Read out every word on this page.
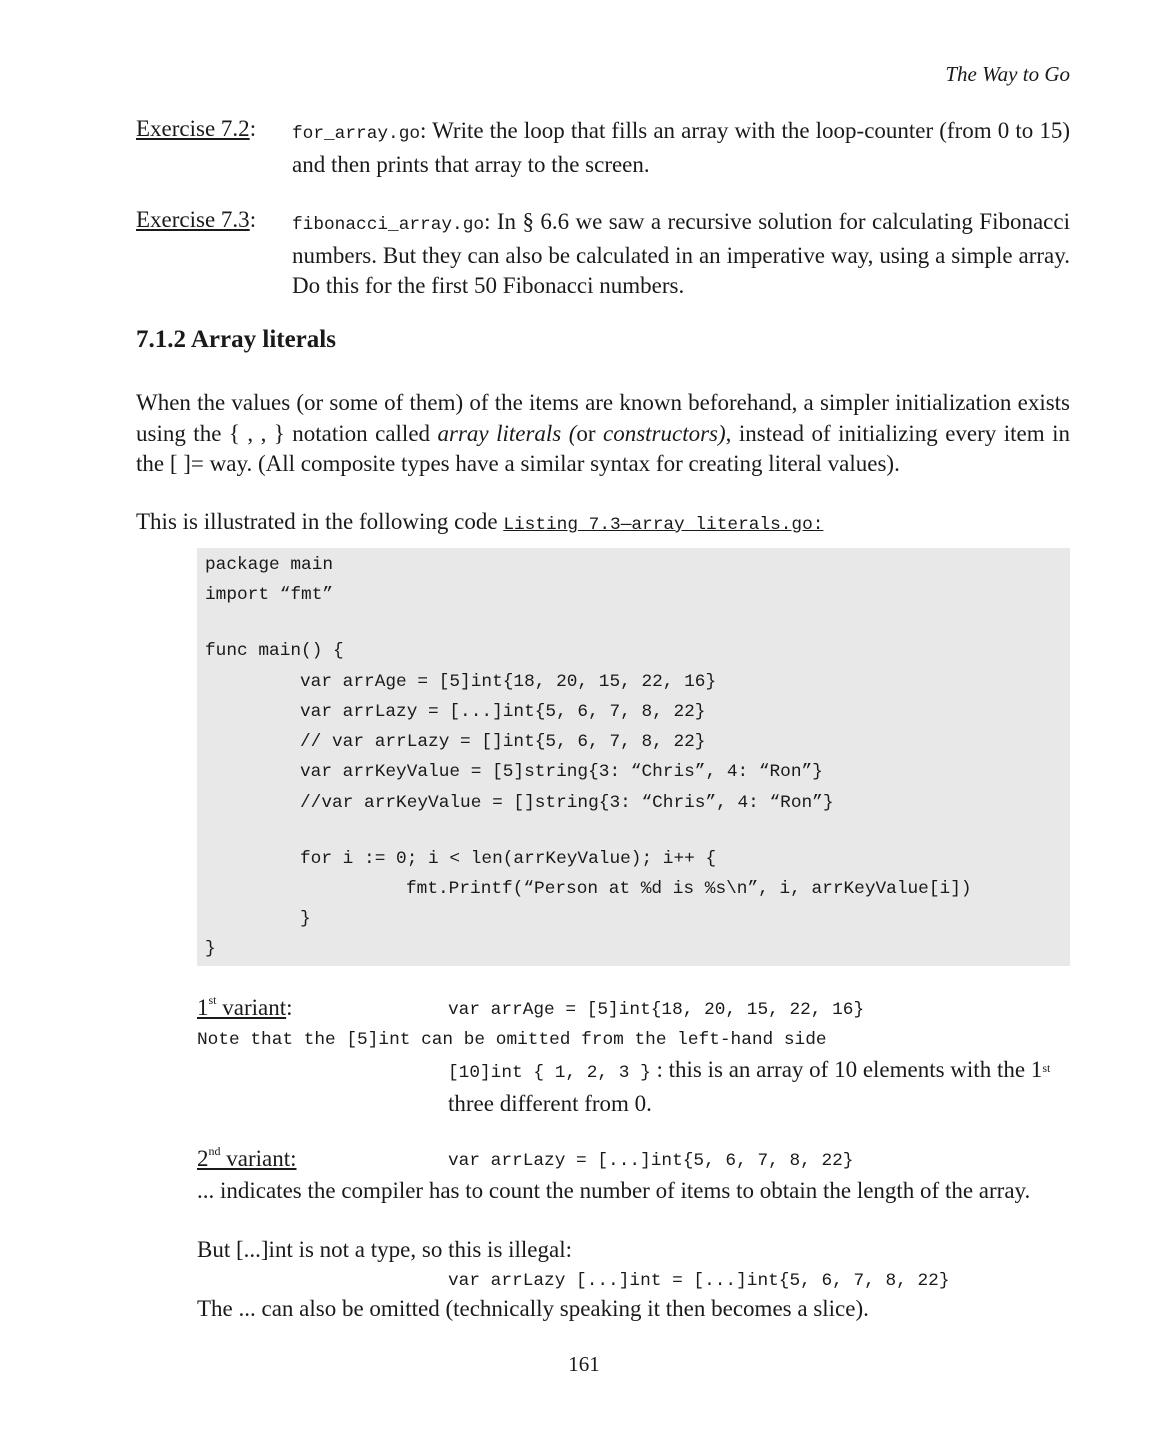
The Way to Go
Exercise 7.2: for_array.go: Write the loop that fills an array with the loop-counter (from 0 to 15) and then prints that array to the screen.
Exercise 7.3: fibonacci_array.go: In § 6.6 we saw a recursive solution for calculating Fibonacci numbers. But they can also be calculated in an imperative way, using a simple array. Do this for the first 50 Fibonacci numbers.
7.1.2 Array literals
When the values (or some of them) of the items are known beforehand, a simpler initialization exists using the { , , } notation called array literals (or constructors), instead of initializing every item in the [ ]= way. (All composite types have a similar syntax for creating literal values).
This is illustrated in the following code Listing 7.3—array_literals.go:
package main
import “fmt”
func main() {
var arrAge = [5]int{18, 20, 15, 22, 16}
var arrLazy = [...]int{5, 6, 7, 8, 22}
// var arrLazy = []int{5, 6, 7, 8, 22}
var arrKeyValue = [5]string{3: “Chris”, 4: “Ron”}
//var arrKeyValue = []string{3: “Chris”, 4: “Ron”}
for i := 0; i < len(arrKeyValue); i++ {
fmt.Printf(“Person at %d is %s\n”, i, arrKeyValue[i])
}
}
1st variant:	var arrAge = [5]int{18, 20, 15, 22, 16}
Note that the [5]int can be omitted from the left-hand side
[10]int { 1, 2, 3 } : this is an array of 10 elements with the 1st
three different from 0.
2nd variant:	var arrLazy = [...]int{5, 6, 7, 8, 22}
... indicates the compiler has to count the number of items to obtain the length of the array.
But [...]int is not a type, so this is illegal:
var arrLazy [...]int = [...]int{5, 6, 7, 8, 22}
The ... can also be omitted (technically speaking it then becomes a slice).
161
